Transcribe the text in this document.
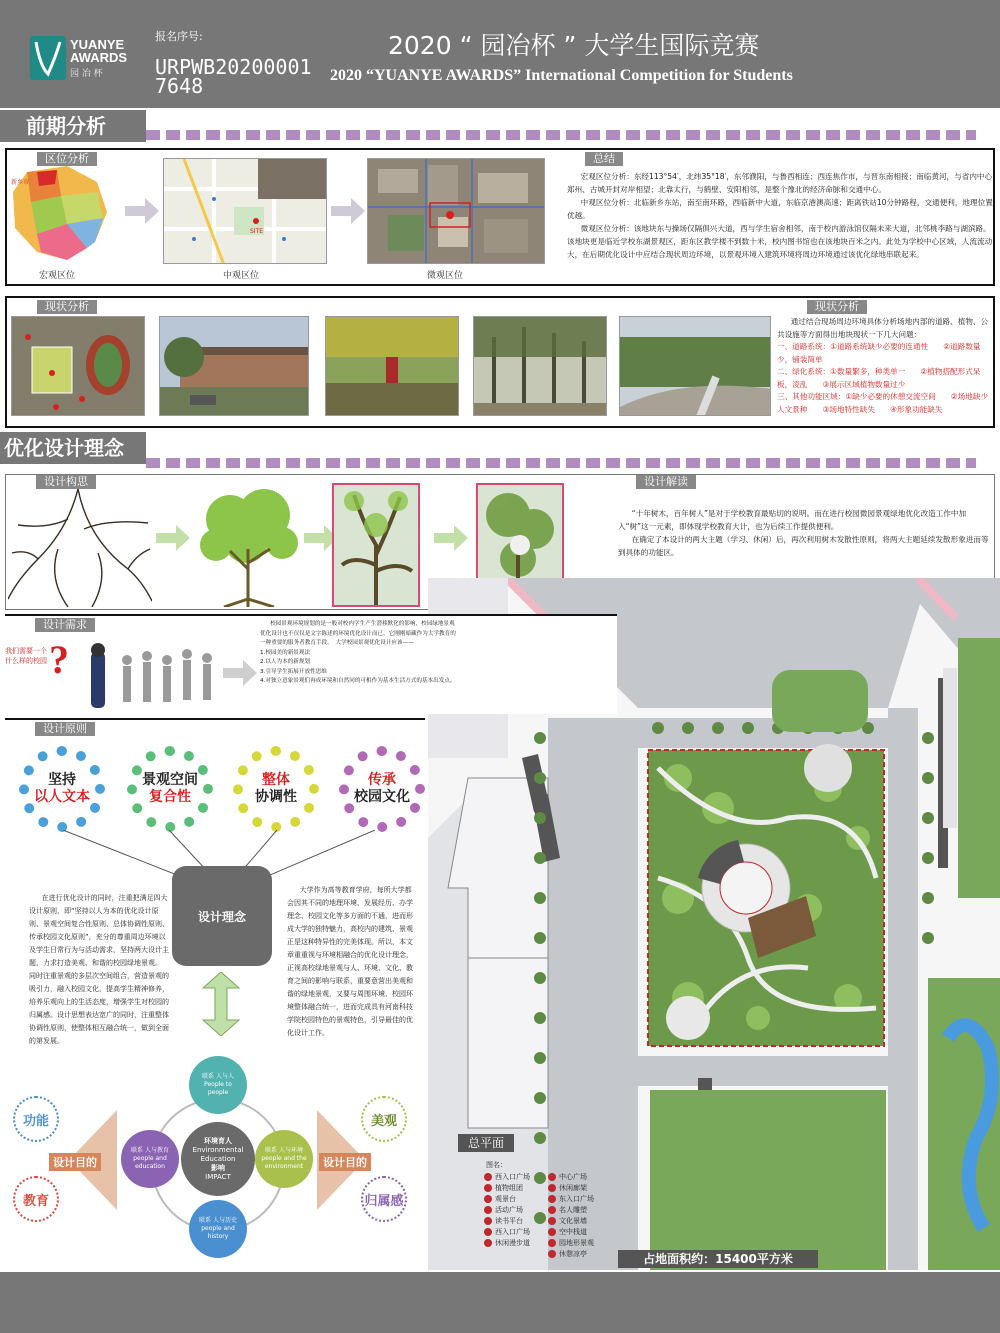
YUANYE
AWARDS
园 冶 杯
报名序号:
URPWB202000017648
2020 “ 园冶杯 ” 大学生国际竞赛
2020 “YUANYE AWARDS” International Competition for Students
前期分析
区位分析
新乡市
宏观区位
SITE
中观区位	微观区位
总结

宏观区位分析：东经113°54′，北纬35°18′，东邻濮阳，与鲁西相连；西连焦作市，与晋东南相接；南临黄河，与省内中心郑州、古城开封对岸相望；北靠太行，与鹤壁、安阳相邻，是整个豫北的经济命脉和交通中心。

中观区位分析：北临新乡东站，南至南环路，西临新中大道，东临京港澳高速；距离铁站10分钟路程，交通便利，地理位置优越。

微观区位分析：该地块东与操场仅隔俱兴大道，西与学生宿舍相邻，南于校内游泳馆仅隔未来大道，北邻桃李路与湖滨路。该地块更是临近学校东湖景观区，距东区教学楼不到数十米，校内图书馆也在该地块百米之内。此处为学校中心区域，人流流动大，在后期优化设计中应结合现状周边环境，以景观环境入建筑环境将周边环境通过该优化绿地串联起来。

现状分析	现状分析

通过结合现场周边环境具体分析场地内部的道路、植物、公共设施等方面得出地块现状一下几大问题：

一、道路系统：①道路系统缺少必要的连通性　　②道路数量少，铺装简单
二、绿化系统：①数量繁多，种类单一　　②植物搭配形式呆板，凌乱　　③展示区域植物数量过少
三、其他功能区域：①缺少必要的休憩交流空间　　②场地缺少人文景种　　③场地特性缺失　　④形象功能缺失
优化设计理念
设计构思	设计解读

“十年树木，百年树人”是对于学校教育最贴切的说明。而在进行校园微园景观绿地优化改造工作中加入“树”这一元素，即体现学校教育大计，也为后续工作提供便利。

在确定了本设计的两大主题（学习、休闲）后，再次利用树木发散性原则，将两大主题延续发散形象进而等到具体的功能区。

总平面
图名：
西入口广场
植物组团
观景台
活动广场
读书平台
西入口广场
休闲漫步道
中心广场
休闲廊架
东入口广场
名人雕塑
文化景墙
空中栈道
园地形景观
休憩凉亭	占地面积约：15400平方米
设计需求
我们需要一个什么样的校园 ?

校园景观环境规划的是一般对校内学生产生潜移默化的影响，校园绿地景观优化设计也不仅仅是文字陈述的环境优化设计而已，它刚刚暗藏作为大学教育的一种重要的服务者教育手段。　大学校园景观优化设计应该——

1.校园美的新景观法
2.以人为本的新规划
3.引导学生拓展开放性思维
4.对独立意象景观们再成环境和自然同的可相作为基本生活方式的基本出发点。
设计原则
坚持
以人文本
景观空间
复合性
整体
协调性
传承
校园文化
设计理念

在进行优化设计的同时，注重把满足四大设计原则，即“坚持以人为本的优化设计原则、景观空间复合性原则、总体协调性原则、传承校园文化原则”，充分的尊重周边环境以及学生日常行为与活动需求，坚持两大设计主题，力求打造美观、和谐的校园绿地景观。　同时注重景观的多层次空间组合，营造景观的吸引力，融入校园文化，提高学生精神修养，培养乐观向上的生活态度，增强学生对校园的归属感。设计思想表达宽广的同时，注重整体协调性原则，使整体相互融合统一，做到全面的第发展。

大学作为高等教育学府，每所大学都会因其不同的地理环境、发展经历、办学理念、校园文化等多方面的不通，进而形成大学的独特魅力，高校内的建筑、景观正是这种特异性的完美体现。所以，本文章重重视与环境相融合的优化设计理念，正视高校绿地景观与人、环境、文化、教育之间的影响与联系，重要意营出美观和谐的绿地景观，又要与周围环境、校园环境整体融合统一，进而完成具有河南科技学院校园特色的景观特色，引导最佳的优化设计工作。

联系 人与人
People to people
联系 人与环境
people and the environment
联系 人与历史
people and history
联系 人与教育
people and education
环境育人
Environmental Education
影响
IMPACT
设计目的
功能
教育
设计目的
美观
归属感
